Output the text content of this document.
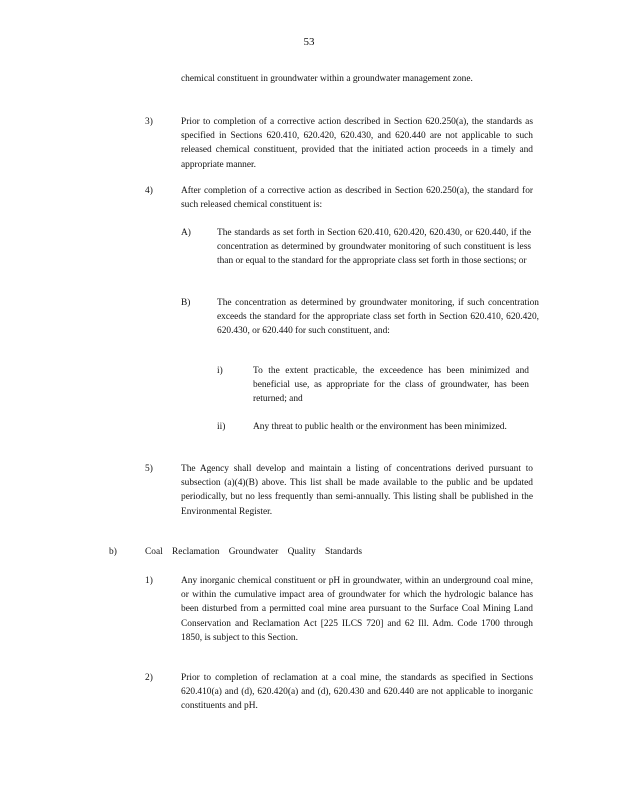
53
chemical constituent in groundwater within a groundwater management zone.
3)	Prior to completion of a corrective action described in Section 620.250(a), the standards as specified in Sections 620.410, 620.420, 620.430, and 620.440 are not applicable to such released chemical constituent, provided that the initiated action proceeds in a timely and appropriate manner.
4)	After completion of a corrective action as described in Section 620.250(a), the standard for such released chemical constituent is:
A)	The standards as set forth in Section 620.410, 620.420, 620.430, or 620.440, if the concentration as determined by groundwater monitoring of such constituent is less than or equal to the standard for the appropriate class set forth in those sections; or
B)	The concentration as determined by groundwater monitoring, if such concentration exceeds the standard for the appropriate class set forth in Section 620.410, 620.420, 620.430, or 620.440 for such constituent, and:
i)	To the extent practicable, the exceedence has been minimized and beneficial use, as appropriate for the class of groundwater, has been returned; and
ii)	Any threat to public health or the environment has been minimized.
5)	The Agency shall develop and maintain a listing of concentrations derived pursuant to subsection (a)(4)(B) above. This list shall be made available to the public and be updated periodically, but no less frequently than semi-annually. This listing shall be published in the Environmental Register.
b)	Coal Reclamation Groundwater Quality Standards
1)	Any inorganic chemical constituent or pH in groundwater, within an underground coal mine, or within the cumulative impact area of groundwater for which the hydrologic balance has been disturbed from a permitted coal mine area pursuant to the Surface Coal Mining Land Conservation and Reclamation Act [225 ILCS 720] and 62 Ill. Adm. Code 1700 through 1850, is subject to this Section.
2)	Prior to completion of reclamation at a coal mine, the standards as specified in Sections 620.410(a) and (d), 620.420(a) and (d), 620.430 and 620.440 are not applicable to inorganic constituents and pH.
